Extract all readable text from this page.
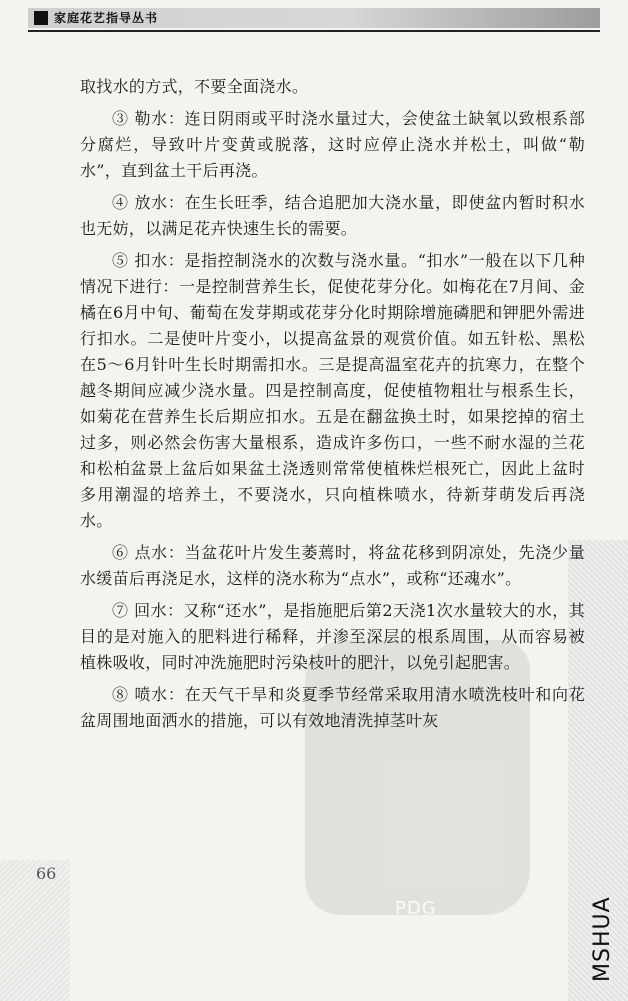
家庭花艺指导丛书
PDG

取找水的方式，不要全面浇水。

③ 勒水：连日阴雨或平时浇水量过大，会使盆土缺氧以致根系部分腐烂，导致叶片变黄或脱落，这时应停止浇水并松土，叫做“勒水”，直到盆土干后再浇。

④ 放水：在生长旺季，结合追肥加大浇水量，即使盆内暂时积水也无妨，以满足花卉快速生长的需要。

⑤ 扣水：是指控制浇水的次数与浇水量。“扣水”一般在以下几种情况下进行：一是控制营养生长，促使花芽分化。如梅花在7月间、金橘在6月中旬、葡萄在发芽期或花芽分化时期除增施磷肥和钾肥外需进行扣水。二是使叶片变小，以提高盆景的观赏价值。如五针松、黑松在5～6月针叶生长时期需扣水。三是提高温室花卉的抗寒力，在整个越冬期间应减少浇水量。四是控制高度，促使植物粗壮与根系生长，如菊花在营养生长后期应扣水。五是在翻盆换土时，如果挖掉的宿土过多，则必然会伤害大量根系，造成许多伤口，一些不耐水湿的兰花和松柏盆景上盆后如果盆土浇透则常常使植株烂根死亡，因此上盆时多用潮湿的培养土，不要浇水，只向植株喷水，待新芽萌发后再浇水。

⑥ 点水：当盆花叶片发生萎蔫时，将盆花移到阴凉处，先浇少量水缓苗后再浇足水，这样的浇水称为“点水”，或称“还魂水”。

⑦ 回水：又称“还水”，是指施肥后第2天浇1次水量较大的水，其目的是对施入的肥料进行稀释，并渗至深层的根系周围，从而容易被植株吸收，同时冲洗施肥时污染枝叶的肥汁，以免引起肥害。

⑧ 喷水：在天气干旱和炎夏季节经常采取用清水喷洗枝叶和向花盆周围地面洒水的措施，可以有效地清洗掉茎叶灰

66
MSHUA
